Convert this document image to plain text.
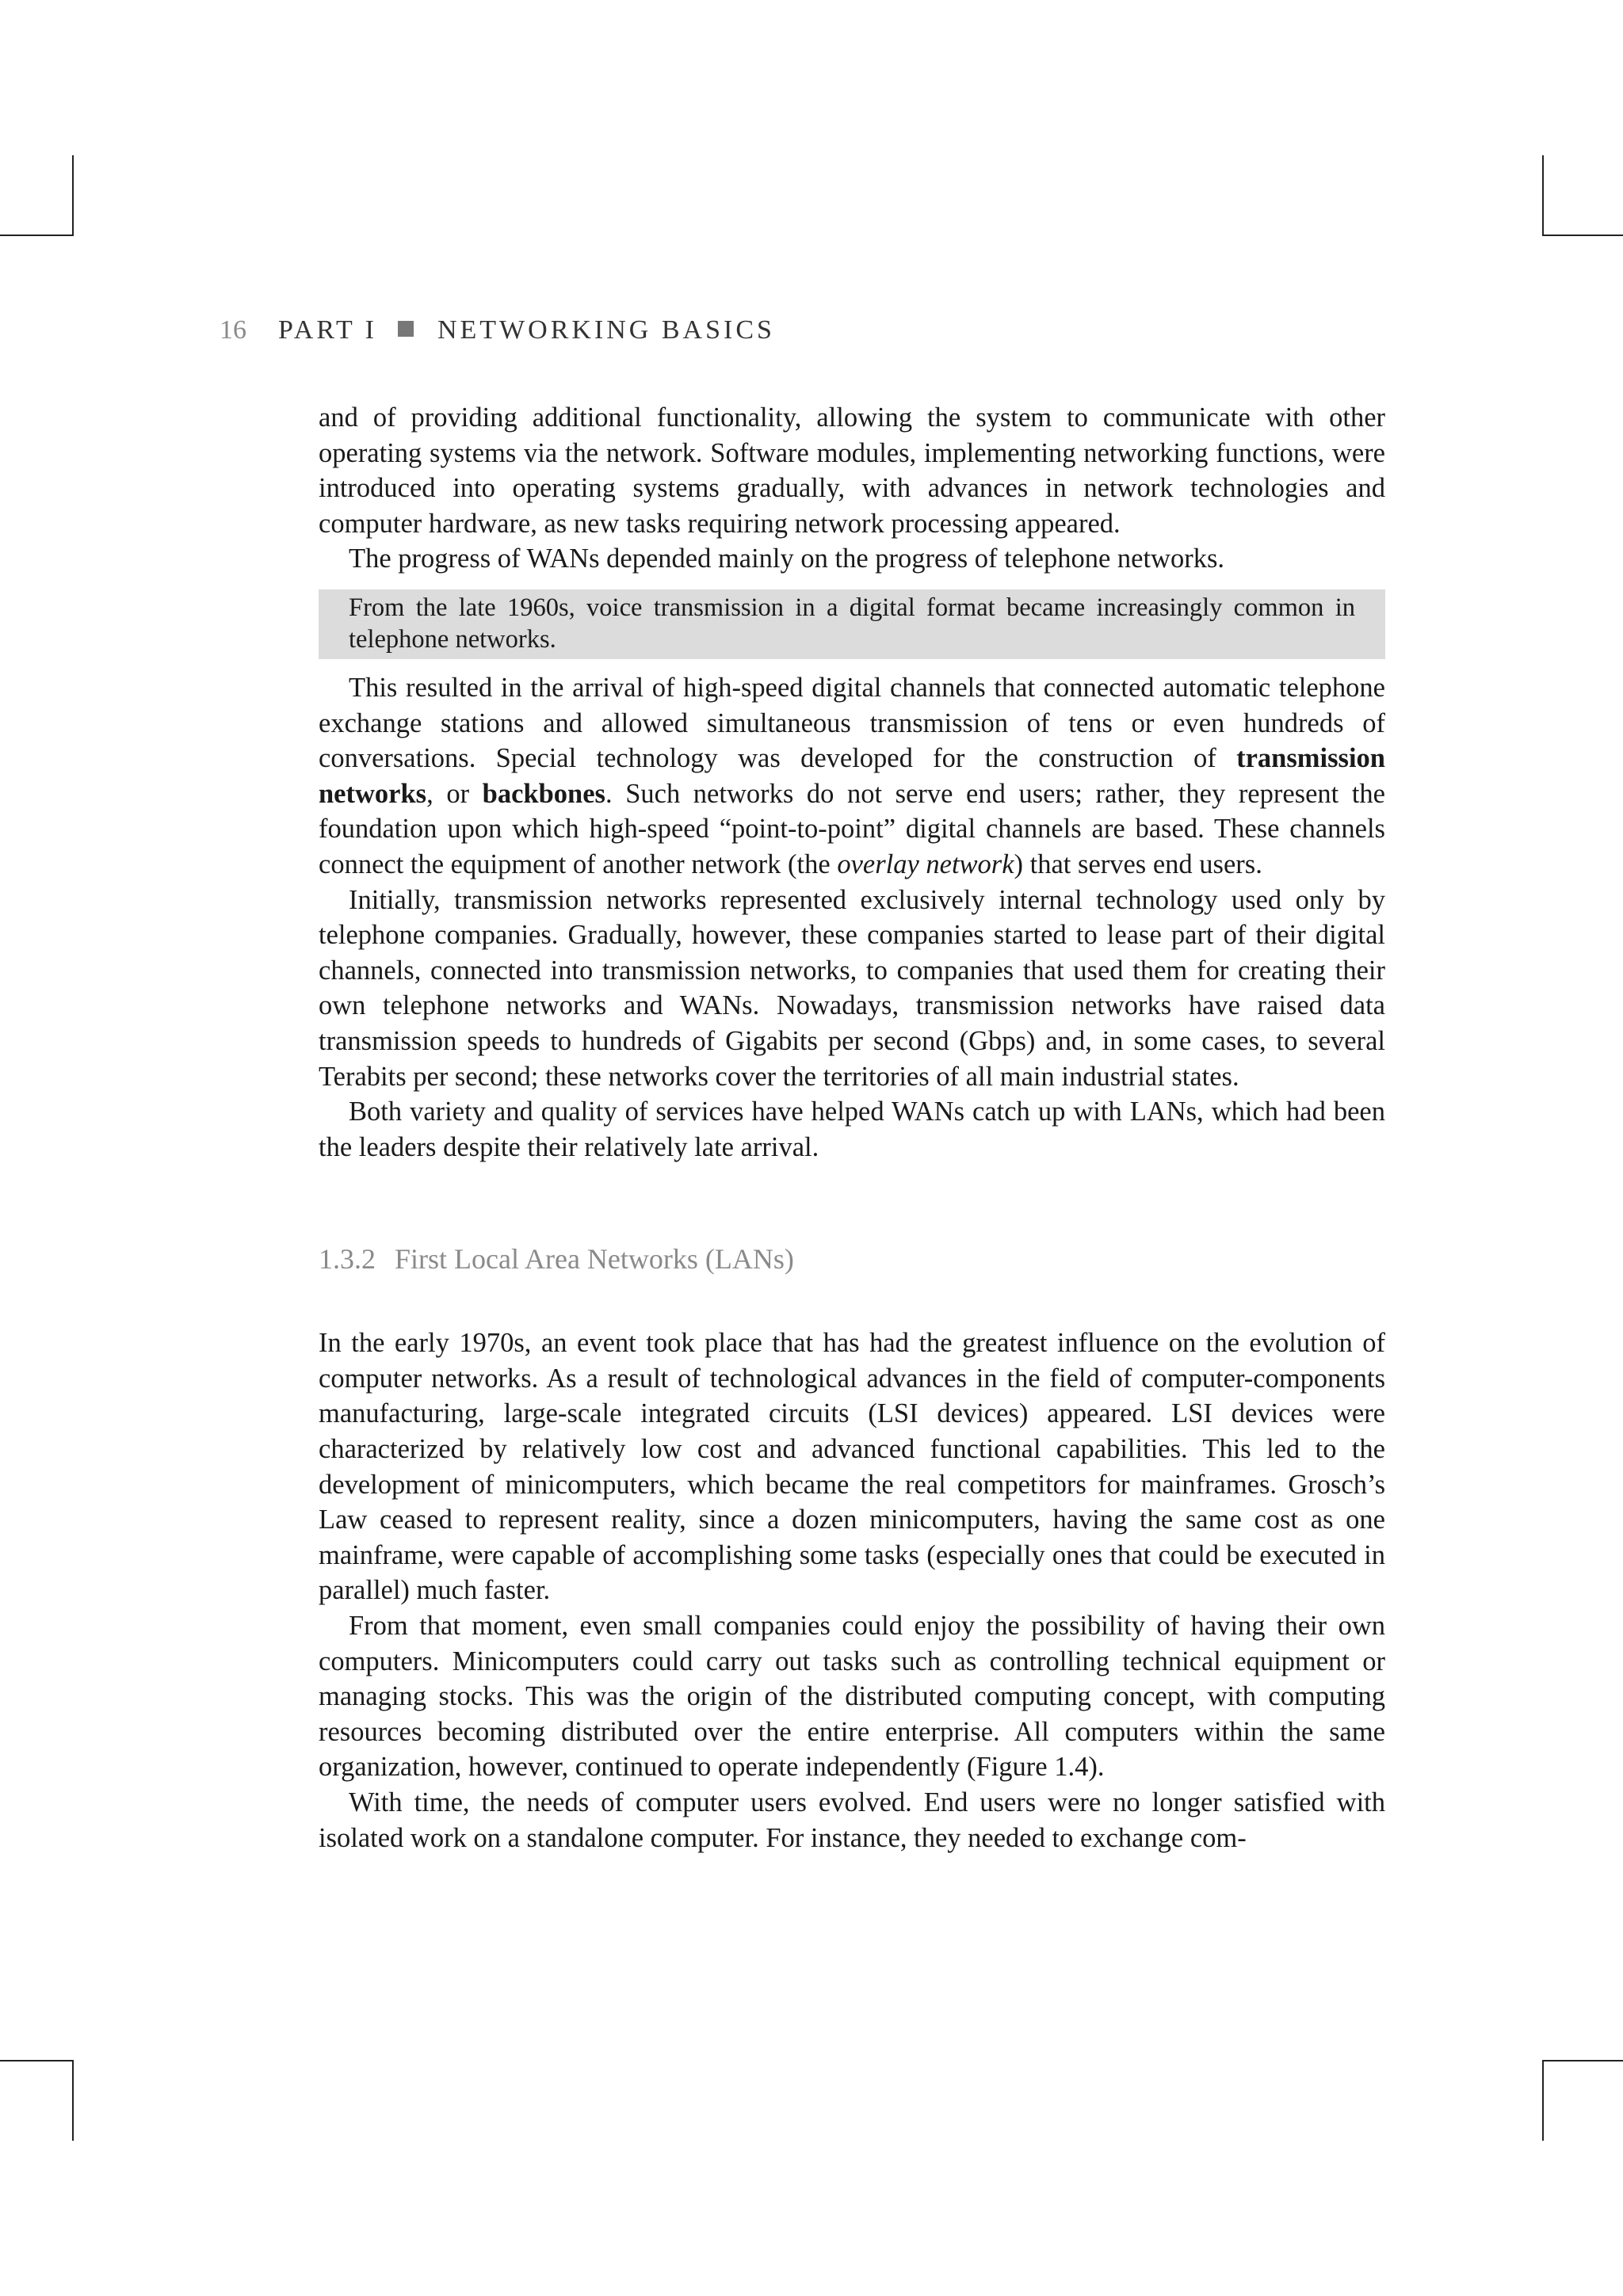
16 PART I NETWORKING BASICS

and of providing additional functionality, allowing the system to communicate with other operating systems via the network. Software modules, implementing networking functions, were introduced into operating systems gradually, with advances in network technologies and computer hardware, as new tasks requiring network processing appeared.

The progress of WANs depended mainly on the progress of telephone networks.

From the late 1960s, voice transmission in a digital format became increasingly common in telephone networks.

This resulted in the arrival of high-speed digital channels that connected automatic telephone exchange stations and allowed simultaneous transmission of tens or even hundreds of conversations. Special technology was developed for the construction of transmission networks, or backbones. Such networks do not serve end users; rather, they represent the foundation upon which high-speed “point-to-point” digital channels are based. These channels connect the equipment of another network (the overlay network) that serves end users.

Initially, transmission networks represented exclusively internal technology used only by telephone companies. Gradually, however, these companies started to lease part of their digital channels, connected into transmission networks, to companies that used them for creating their own telephone networks and WANs. Nowadays, transmission networks have raised data transmission speeds to hundreds of Gigabits per second (Gbps) and, in some cases, to several Terabits per second; these networks cover the territories of all main industrial states.

Both variety and quality of services have helped WANs catch up with LANs, which had been the leaders despite their relatively late arrival.

1.3.2 First Local Area Networks (LANs)

In the early 1970s, an event took place that has had the greatest influence on the evolution of computer networks. As a result of technological advances in the field of computer-components manufacturing, large-scale integrated circuits (LSI devices) appeared. LSI devices were characterized by relatively low cost and advanced functional capabilities. This led to the development of minicomputers, which became the real competitors for mainframes. Grosch’s Law ceased to represent reality, since a dozen minicomputers, having the same cost as one mainframe, were capable of accomplishing some tasks (especially ones that could be executed in parallel) much faster.

From that moment, even small companies could enjoy the possibility of having their own computers. Minicomputers could carry out tasks such as controlling technical equipment or managing stocks. This was the origin of the distributed computing concept, with computing resources becoming distributed over the entire enterprise. All computers within the same organization, however, continued to operate independently (Figure 1.4).

With time, the needs of computer users evolved. End users were no longer satisfied with isolated work on a standalone computer. For instance, they needed to exchange com-
